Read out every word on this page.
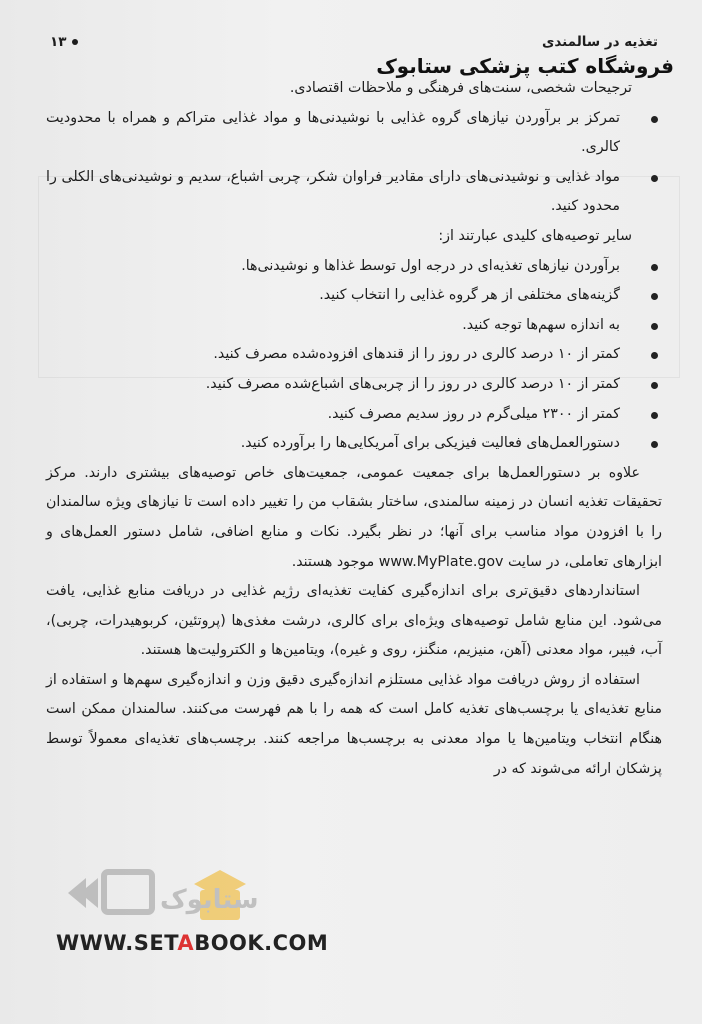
تغذیه در سالمندی
۱۳
فروشگاه کتب پزشکی ستابوک

ترجیحات شخصی، سنت‌های فرهنگی و ملاحظات اقتصادی.

تمرکز بر برآوردن نیازهای گروه غذایی با نوشیدنی‌ها و مواد غذایی متراکم و همراه با محدودیت کالری.
مواد غذایی و نوشیدنی‌های دارای مقادیر فراوان شکر، چربی اشباع، سدیم و نوشیدنی‌های الکلی را محدود کنید.

سایر توصیه‌های کلیدی عبارتند از:

برآوردن نیازهای تغذیه‌ای در درجه اول توسط غذاها و نوشیدنی‌ها.
گزینه‌های مختلفی از هر گروه غذایی را انتخاب کنید.
به اندازه سهم‌ها توجه کنید.
کمتر از ۱۰ درصد کالری در روز را از قندهای افزوده‌شده مصرف کنید.
کمتر از ۱۰ درصد کالری در روز را از چربی‌های اشباع‌شده مصرف کنید.
کمتر از ۲۳۰۰ میلی‌گرم در روز سدیم مصرف کنید.
دستورالعمل‌های فعالیت فیزیکی برای آمریکایی‌ها را برآورده کنید.

علاوه بر دستورالعمل‌ها برای جمعیت عمومی، جمعیت‌های خاص توصیه‌های بیشتری دارند. مرکز تحقیقات تغذیه انسان در زمینه سالمندی، ساختار بشقاب من را تغییر داده است تا نیازهای ویژه سالمندان را با افزودن مواد مناسب برای آنها؛ در نظر بگیرد. نکات و منابع اضافی، شامل دستور العمل‌های و ابزارهای تعاملی، در سایت www.MyPlate.gov موجود هستند.

استانداردهای دقیق‌تری برای اندازه‌گیری کفایت تغذیه‌ای رژیم غذایی در دریافت منابع غذایی، یافت می‌شود. این منابع شامل توصیه‌های ویژه‌ای برای کالری، درشت مغذی‌ها (پروتئین، کربوهیدرات، چربی)، آب، فیبر، مواد معدنی (آهن، منیزیم، منگنز، روی و غیره)، ویتامین‌ها و الکترولیت‌ها هستند.

استفاده از روش دریافت مواد غذایی مستلزم اندازه‌گیری دقیق وزن و اندازه‌گیری سهم‌ها و استفاده از منابع تغذیه‌ای یا برچسب‌های تغذیه کامل است که همه را با هم فهرست می‌کنند. سالمندان ممکن است هنگام انتخاب ویتامین‌ها یا مواد معدنی به برچسب‌ها مراجعه کنند. برچسب‌های تغذیه‌ای معمولاً توسط پزشکان ارائه می‌شوند که در

ستابوک
WWW.SETABOOK.COM
